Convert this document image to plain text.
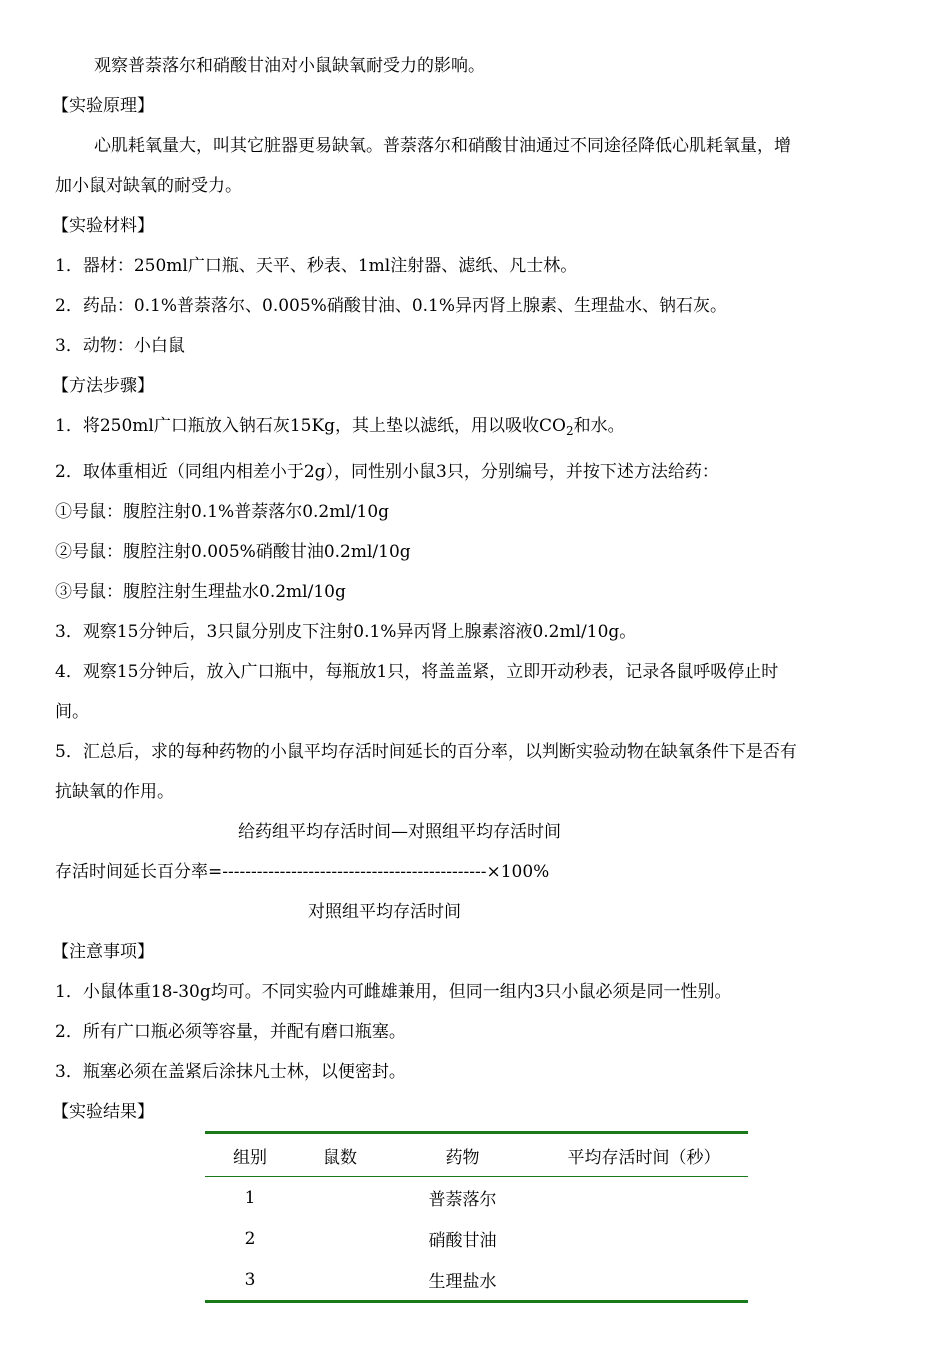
观察普萘落尔和硝酸甘油对小鼠缺氧耐受力的影响。
【实验原理】
心肌耗氧量大，叫其它脏器更易缺氧。普萘落尔和硝酸甘油通过不同途径降低心肌耗氧量，增
加小鼠对缺氧的耐受力。
【实验材料】
1．器材：250ml广口瓶、天平、秒表、1ml注射器、滤纸、凡士林。
2．药品：0.1%普萘落尔、0.005%硝酸甘油、0.1%异丙肾上腺素、生理盐水、钠石灰。
3．动物：小白鼠
【方法步骤】
1．将250ml广口瓶放入钠石灰15Kg，其上垫以滤纸，用以吸收$CO_2$和水。
2．取体重相近（同组内相差小于2g），同性别小鼠3只，分别编号，并按下述方法给药：
①号鼠：腹腔注射0.1%普萘落尔0.2ml/10g
②号鼠：腹腔注射0.005%硝酸甘油0.2ml/10g
③号鼠：腹腔注射生理盐水0.2ml/10g
3．观察15分钟后，3只鼠分别皮下注射0.1%异丙肾上腺素溶液0.2ml/10g。
4．观察15分钟后，放入广口瓶中，每瓶放1只，将盖盖紧，立即开动秒表，记录各鼠呼吸停止时
间。
5．汇总后，求的每种药物的小鼠平均存活时间延长的百分率，以判断实验动物在缺氧条件下是否有
抗缺氧的作用。
给药组平均存活时间—对照组平均存活时间
存活时间延长百分率=----------------------------------------------×100%
对照组平均存活时间
【注意事项】
1．小鼠体重18-30g均可。不同实验内可雌雄兼用，但同一组内3只小鼠必须是同一性别。
2．所有广口瓶必须等容量，并配有磨口瓶塞。
3．瓶塞必须在盖紧后涂抹凡士林，以便密封。
【实验结果】
组别	鼠数	药物	平均存活时间（秒）
1		普萘落尔	
2		硝酸甘油	
3		生理盐水	
